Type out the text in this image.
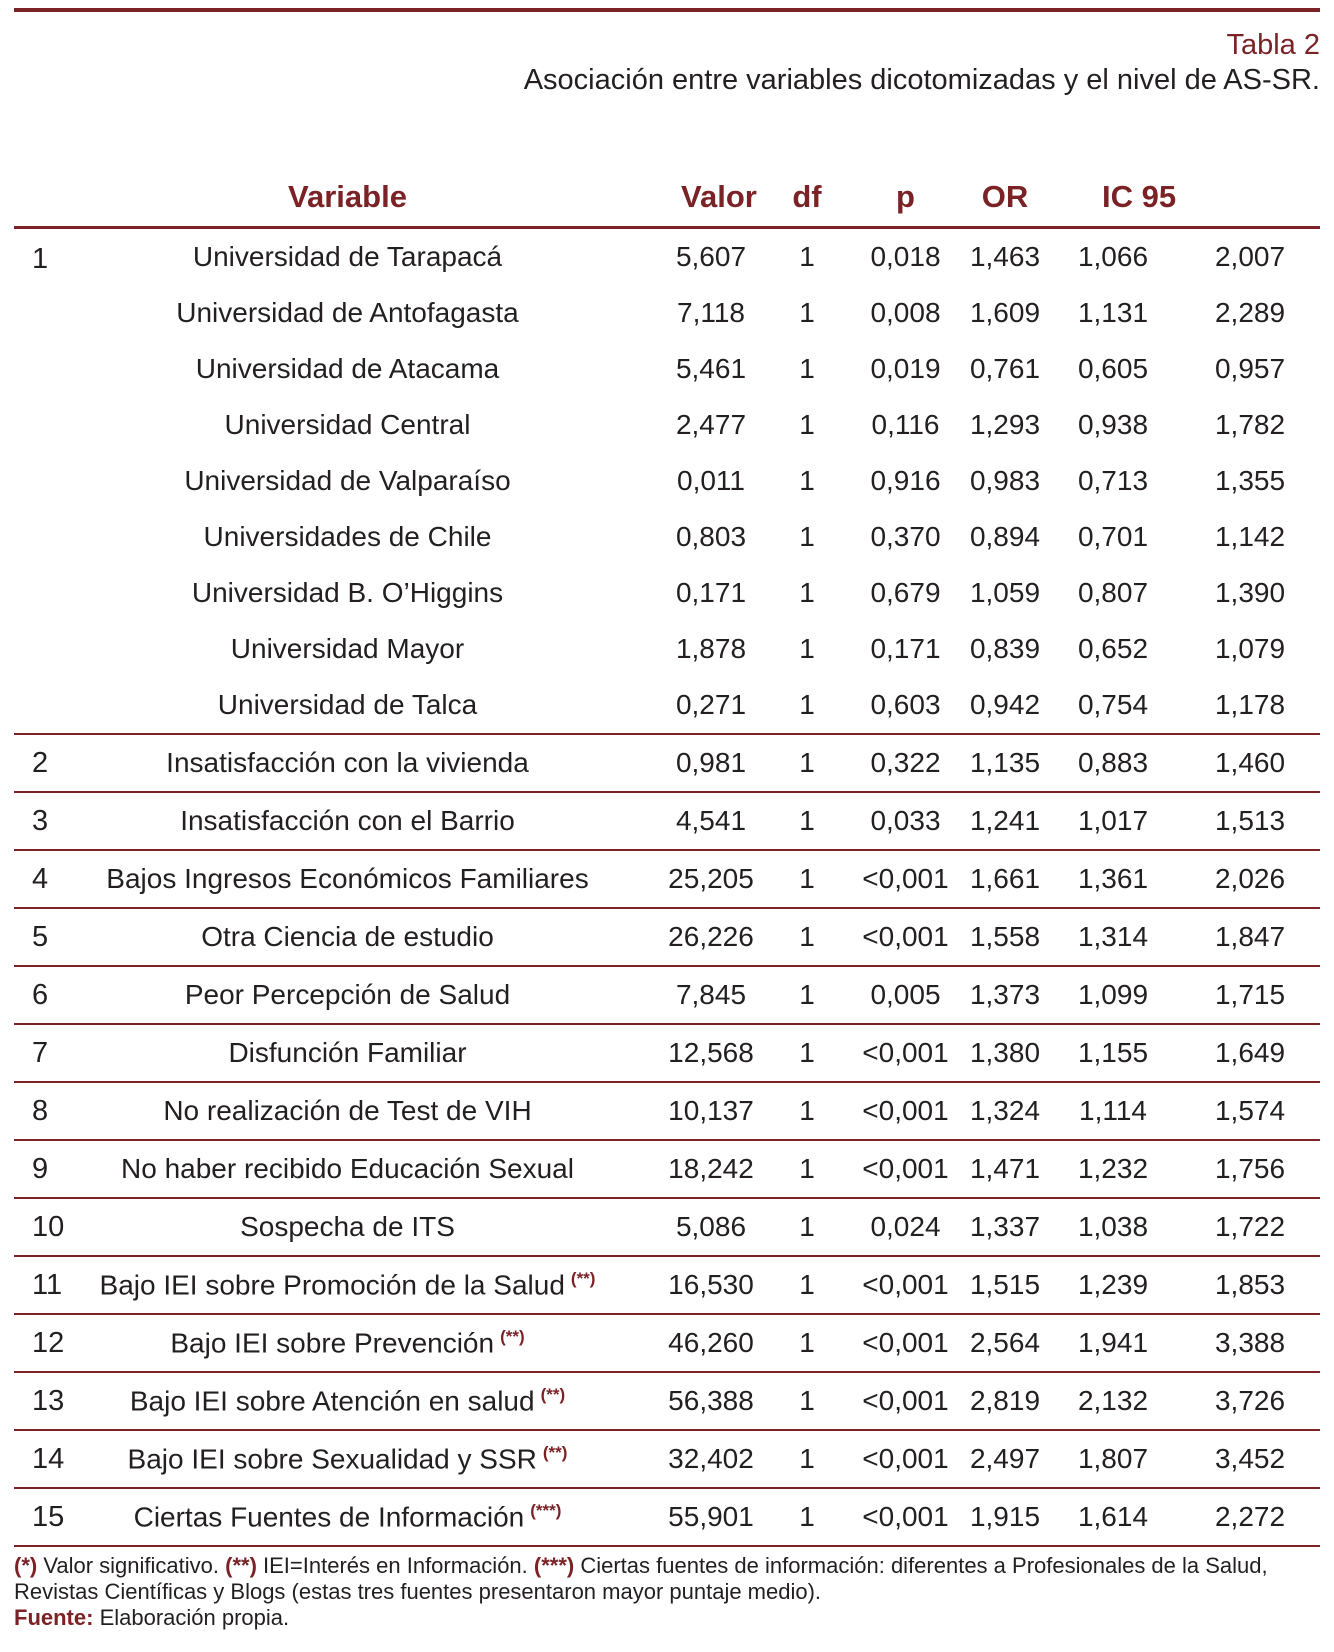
Tabla 2
Asociación entre variables dicotomizadas y el nivel de AS-SR.
	Variable	Valor	df	p	OR	IC 95	
1	Universidad de Tarapacá	5,607	1	0,018	1,463	1,066	2,007
	Universidad de Antofagasta	7,118	1	0,008	1,609	1,131	2,289
	Universidad de Atacama	5,461	1	0,019	0,761	0,605	0,957
	Universidad Central	2,477	1	0,116	1,293	0,938	1,782
	Universidad de Valparaíso	0,011	1	0,916	0,983	0,713	1,355
	Universidades de Chile	0,803	1	0,370	0,894	0,701	1,142
	Universidad B. O’Higgins	0,171	1	0,679	1,059	0,807	1,390
	Universidad Mayor	1,878	1	0,171	0,839	0,652	1,079
	Universidad de Talca	0,271	1	0,603	0,942	0,754	1,178
2	Insatisfacción con la vivienda	0,981	1	0,322	1,135	0,883	1,460
3	Insatisfacción con el Barrio	4,541	1	0,033	1,241	1,017	1,513
4	Bajos Ingresos Económicos Familiares	25,205	1	<0,001	1,661	1,361	2,026
5	Otra Ciencia de estudio	26,226	1	<0,001	1,558	1,314	1,847
6	Peor Percepción de Salud	7,845	1	0,005	1,373	1,099	1,715
7	Disfunción Familiar	12,568	1	<0,001	1,380	1,155	1,649
8	No realización de Test de VIH	10,137	1	<0,001	1,324	1,114	1,574
9	No haber recibido Educación Sexual	18,242	1	<0,001	1,471	1,232	1,756
10	Sospecha de ITS	5,086	1	0,024	1,337	1,038	1,722
11	Bajo IEI sobre Promoción de la Salud (**)	16,530	1	<0,001	1,515	1,239	1,853
12	Bajo IEI sobre Prevención (**)	46,260	1	<0,001	2,564	1,941	3,388
13	Bajo IEI sobre Atención en salud (**)	56,388	1	<0,001	2,819	2,132	3,726
14	Bajo IEI sobre Sexualidad y SSR (**)	32,402	1	<0,001	2,497	1,807	3,452
15	Ciertas Fuentes de Información (***)	55,901	1	<0,001	1,915	1,614	2,272
(*) Valor significativo. (**) IEI=Interés en Información. (***) Ciertas fuentes de información: diferentes a Profesionales de la Salud, Revistas Científicas y Blogs (estas tres fuentes presentaron mayor puntaje medio).
Fuente: Elaboración propia.
